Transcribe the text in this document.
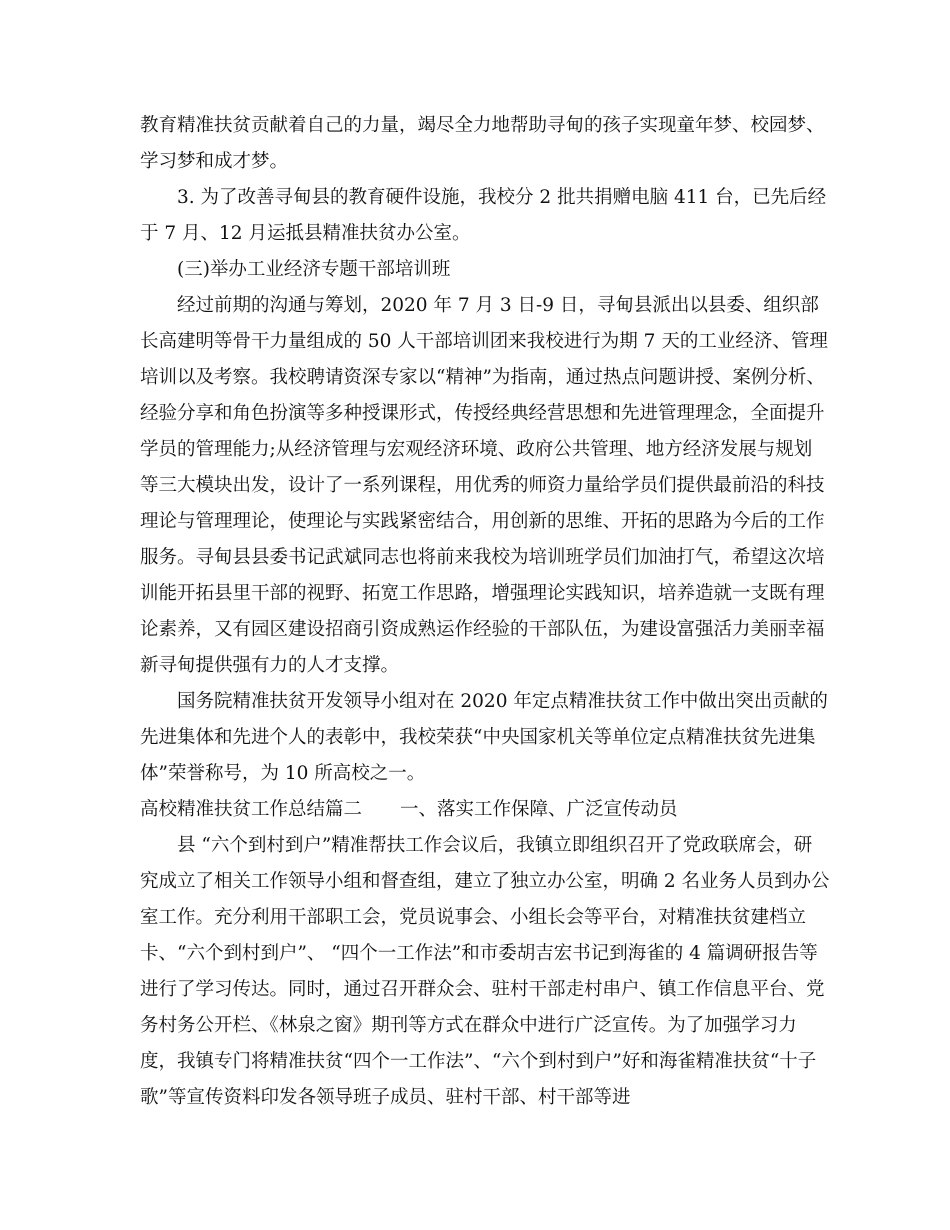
教育精准扶贫贡献着自己的力量，竭尽全力地帮助寻甸的孩子实现童年梦、校园梦、学习梦和成才梦。

3. 为了改善寻甸县的教育硬件设施，我校分 2 批共捐赠电脑 411 台，已先后经于 7 月、12 月运抵县精准扶贫办公室。

(三)举办工业经济专题干部培训班

经过前期的沟通与筹划，2020 年 7 月 3 日-9 日，寻甸县派出以县委、组织部长高建明等骨干力量组成的 50 人干部培训团来我校进行为期 7 天的工业经济、管理培训以及考察。我校聘请资深专家以“精神”为指南，通过热点问题讲授、案例分析、经验分享和角色扮演等多种授课形式，传授经典经营思想和先进管理理念，全面提升学员的管理能力;从经济管理与宏观经济环境、政府公共管理、地方经济发展与规划等三大模块出发，设计了一系列课程，用优秀的师资力量给学员们提供最前沿的科技理论与管理理论，使理论与实践紧密结合，用创新的思维、开拓的思路为今后的工作服务。寻甸县县委书记武斌同志也将前来我校为培训班学员们加油打气，希望这次培训能开拓县里干部的视野、拓宽工作思路，增强理论实践知识，培养造就一支既有理论素养，又有园区建设招商引资成熟运作经验的干部队伍，为建设富强活力美丽幸福新寻甸提供强有力的人才支撑。

国务院精准扶贫开发领导小组对在 2020 年定点精准扶贫工作中做出突出贡献的先进集体和先进个人的表彰中，我校荣获“中央国家机关等单位定点精准扶贫先进集体”荣誉称号，为 10 所高校之一。

高校精准扶贫工作总结篇二 一、落实工作保障、广泛宣传动员

县 “六个到村到户”精准帮扶工作会议后，我镇立即组织召开了党政联席会，研究成立了相关工作领导小组和督查组，建立了独立办公室，明确 2 名业务人员到办公室工作。充分利用干部职工会，党员说事会、小组长会等平台，对精准扶贫建档立卡、“六个到村到户”、 “四个一工作法”和市委胡吉宏书记到海雀的 4 篇调研报告等进行了学习传达。同时，通过召开群众会、驻村干部走村串户、镇工作信息平台、党务村务公开栏、《林泉之窗》期刊等方式在群众中进行广泛宣传。为了加强学习力度，我镇专门将精准扶贫“四个一工作法”、“六个到村到户”好和海雀精准扶贫“十子歌”等宣传资料印发各领导班子成员、驻村干部、村干部等进
